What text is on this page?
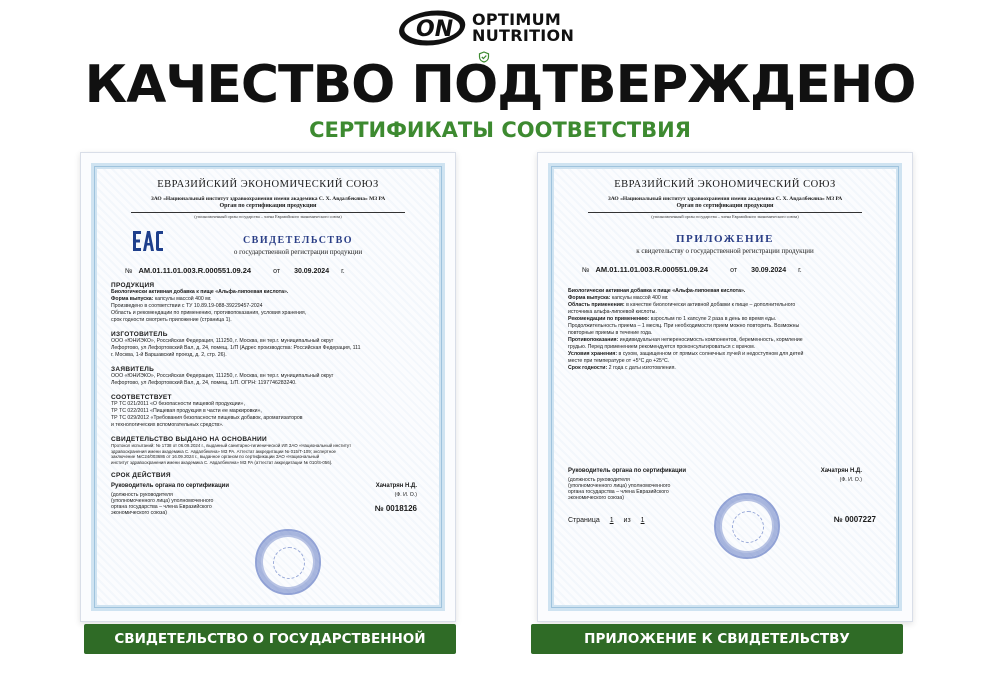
ON OPTIMUM
NUTRITION
КАЧЕСТВО ПОДТВЕРЖДЕНО
СЕРТИФИКАТЫ СООТВЕТСТВИЯ
ЕВРАЗИЙСКИЙ ЭКОНОМИЧЕСКИЙ СОЮЗ
ЗАО «Национальный институт здравоохранения имени академика С. Х. Авдалбекяна» МЗ РА
Орган по сертификации продукции
(уполномоченный орган государства – члена Евразийского экономического союза)
СВИДЕТЕЛЬСТВО
о государственной регистрации продукции
№ AM.01.11.01.003.R.000551.09.24	от 30.09.2024 г.
ПРОДУКЦИЯ

Биологически активная добавка к пище «Альфа-липоевая кислота».

Форма выпуска: капсулы массой 400 мг.

Произведено в соответствии с ТУ 10.89.19-088-39229457-2024

Область и рекомендации по применению, противопоказания, условия хранения,

срок годности смотреть приложение (страница 1).

ИЗГОТОВИТЕЛЬ

ООО «ЮНИЭКО», Российская Федерация, 111250, г. Москва, вн тер.г. муниципальный округ

Лефортово, ул Лефортовский Вал, д. 24, помещ. 1/П (Адрес производства: Российская Федерация, 111

г. Москва, 1-й Варшавский проезд, д. 2, стр. 26).

ЗАЯВИТЕЛЬ

ООО «ЮНИЭКО», Российская Федерация, 111250, г. Москва, вн тер.г. муниципальный округ

Лефортово, ул Лефортовский Вал, д. 24, помещ. 1/П. ОГРН: 1197746283240.

СООТВЕТСТВУЕТ

ТР ТС 021/2011 «О безопасности пищевой продукции»,

ТР ТС 022/2011 «Пищевая продукция в части ее маркировки»,

ТР ТС 029/2012 «Требования безопасности пищевых добавок, ароматизаторов

и технологических вспомогательных средств».

СВИДЕТЕЛЬСТВО ВЫДАНО НА ОСНОВАНИИ

Протокол испытаний: № 1738 от 06.09.2024 г., выданный санитарно-гигиенической ИЛ ЗАО «Национальный институт

здравоохранения имени академика С. Авдалбекяна» МЗ РА. Аттестат аккредитации № 015/Т-109; экспертное

заключение №С24/003686 от 16.09.2024 г., выданное органом по сертификации ЗАО «Национальный

институт здравоохранения имени академика С. Авдалбекяна» МЗ РА (аттестат аккредитации № 010/S-056).

СРОК ДЕЙСТВИЯ
Руководитель органа по сертификации	Хачатрян Н.Д.
(должность руководителя
(уполномоченного лица) уполномоченного
органа государства – члена Евразийского
экономического союза)
(Ф. И. О.)
№ 0018126
ЕВРАЗИЙСКИЙ ЭКОНОМИЧЕСКИЙ СОЮЗ
ЗАО «Национальный институт здравоохранения имени академика С. Х. Авдалбекяна» МЗ РА
Орган по сертификации продукции
(уполномоченный орган государства – члена Евразийского экономического союза)
ПРИЛОЖЕНИЕ
к свидетельству о государственной регистрации продукции
№ AM.01.11.01.003.R.000551.09.24	от 30.09.2024 г.

Биологически активная добавка к пище «Альфа-липоевая кислота».

Форма выпуска: капсулы массой 400 мг.

Область применения: в качестве биологически активной добавки к пище – дополнительного

источника альфа-липоевой кислоты.

Рекомендации по применению: взрослым по 1 капсуле 2 раза в день во время еды.

Продолжительность приема – 1 месяц. При необходимости прием можно повторить. Возможны

повторные приемы в течение года.

Противопоказания: индивидуальная непереносимость компонентов, беременность, кормление

грудью. Перед применением рекомендуется проконсультироваться с врачом.

Условия хранения: в сухом, защищенном от прямых солнечных лучей и недоступном для детей

месте при температуре от +5°С до +25°С.

Срок годности: 2 года с даты изготовления.

Руководитель органа по сертификации	Хачатрян Н.Д.
(должность руководителя
(уполномоченного лица) уполномоченного
органа государства – члена Евразийского
экономического союза)
(Ф. И. О.)
Страница 1 из 1	№ 0007227
СВИДЕТЕЛЬСТВО О ГОСУДАРСТВЕННОЙ РЕГИСТРАЦИИ
ПРИЛОЖЕНИЕ К СВИДЕТЕЛЬСТВУ
